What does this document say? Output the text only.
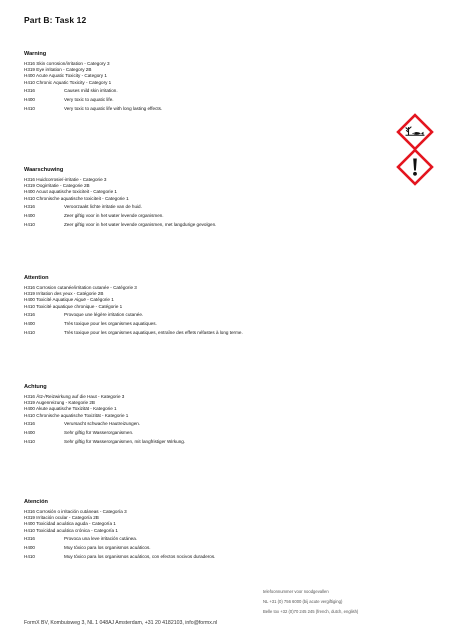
Part B: Task 12
Warning
H316 Skin corrosion/irritation - Category 3
H319 Eye irritation - Category 2B
H400 Acute Aquatic Toxicity - Category 1
H410 Chronic Aquatic Toxicity - Category 1
H316	Causes mild skin irritation.
H400	Very toxic to aquatic life.
H410	Very toxic to aquatic life with long lasting effects.
Waarschuwing
H316 Huidcorrosie/-irritatie - Categorie 3
H319 Oogirritatie - Categorie 2B
H400 Acuut aquatische toxiciteit - Categorie 1
H410 Chronische aquatische toxiciteit - Categorie 1
H316	Veroorzaakt lichte irritatie van de huid.
H400	Zeer giftig voor in het water levende organismen.
H410	Zeer giftig voor in het water levende organismen, met langdurige gevolgen.
Attention
H316 Corrosion cutanée/irritation cutanée - Catégorie 3
H319 Irritation des yeux - Catégorie 2B
H400 Toxicité Aquatique Aiguë - Catégorie 1
H410 Toxicité aquatique chronique - Catégorie 1
H316	Provoque une légère irritation cutanée.
H400	Très toxique pour les organismes aquatiques.
H410	Très toxique pour les organismes aquatiques, entraîne des effets néfastes à long terme.
Achtung
H316 Ätz-/Reizwirkung auf die Haut - Kategorie 3
H319 Augenreizung - Kategorie 2B
H400 Akute aquatische Toxizität - Kategorie 1
H410 Chronische aquatische Toxizität - Kategorie 1
H316	Verursacht schwache Hautreizungen.
H400	Sehr giftig für Wasserorganismen.
H410	Sehr giftig für Wasserorganismen, mit langfristiger Wirkung.
Atención
H316 Corrosión o irritación cutáneas - Categoría 3
H319 Irritación ocular - Categoría 2B
H400 Toxicidad acuática aguda - Categoría 1
H410 Toxicidad acuática crónica - Categoría 1
H316	Provoca una leve irritación cutánea.
H400	Muy tóxico para los organismos acuáticos.
H410	Muy tóxico para los organismos acuáticos, con efectos nocivos duraderos.
telefoonnummer voor noodgevallen
NL +31 (0) 756 6000 (bij acute vergiftiging)
Belle tox +32 (0)70 245 245 (french, dutch, english)
FormX BV, Kombuisweg 3, NL 1 048AJ Amsterdam, +31 20 4182103, info@formx.nl
